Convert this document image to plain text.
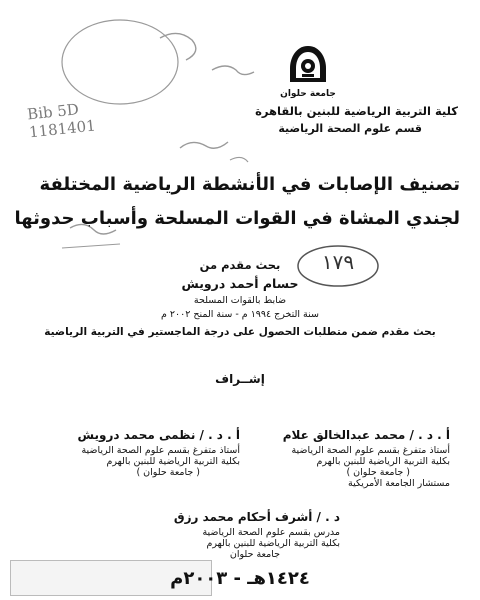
Bib 5D
1181401
١٧٩
جامعة حلوان
كلية التربية الرياضية للبنين بالقاهرة
قسم علوم الصحة الرياضية
تصنيف الإصابات في الأنشطة الرياضية المختلفة
لجندي المشاة في القوات المسلحة وأسباب حدوثها
بحث مقدم من
حسام أحمد درويش
ضابط بالقوات المسلحة
سنة التخرج ١٩٩٤ م - سنة المنح ٢٠٠٢ م
بحث مقدم ضمن متطلبات الحصول على درجة الماجستير في التربية الرياضية
إشــراف
أ . د . / محمد عبدالخالق علام
أستاذ متفرغ بقسم علوم الصحة الرياضية
بكلية التربية الرياضية للبنين بالهرم
( جامعة حلوان )
مستشار الجامعة الأمريكية
أ . د . / نظمى محمد درويش
أستاذ متفرغ بقسم علوم الصحة الرياضية
بكلية التربية الرياضية للبنين بالهرم
( جامعة حلوان )
د . / أشرف أحكام محمد رزق
مدرس بقسم علوم الصحة الرياضية
بكلية التربية الرياضية للبنين بالهرم
جامعة حلوان
١٤٢٤هـ - ٢٠٠٣م
